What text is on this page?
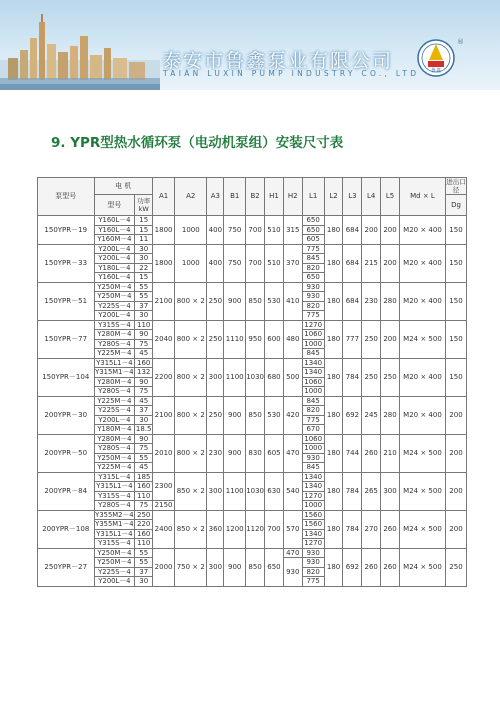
泰安市鲁鑫泵业有限公司
TAIAN LUXIN PUMP INDUSTRY CO., LTD 鲁鑫
®
9. YPR型热水循环泵（电动机泵组）安装尺寸表
泵型号	电 机		A1	A2	A3	B1	B2	H1	H2	L1	L2	L3	L4	L5	Md × L	进出口径
	型号	功率 kW														Dg
150YPR－19	Y160L－4	15	1800	1000	400	750	700	510	315	650	180	684	200	200	M20 × 400	150
	Y160L－4	15								650						
	Y160M－4	11								605						
150YPR－33	Y200L－4	30	1800	1000	400	750	700	510	370	775	180	684	215	200	M20 × 400	150
	Y200L－4	30								845						
	Y180L－4	22								820						
	Y160L－4	15								650						
150YPR－51	Y250M－4	55	2100	800 × 2	250	900	850	530	410	930	180	684	230	280	M20 × 400	150
	Y250M－4	55								930						
	Y225S－4	37								820						
	Y200L－4	30								775						
150YPR－77	Y315S－4	110	2040	800 × 2	250	1110	950	600	480	1270	180	777	250	200	M24 × 500	150
	Y280M－4	90								1060						
	Y280S－4	75								1000						
	Y225M－4	45								845						
150YPR－104	Y315L1－4	160	2200	800 × 2	300	1100	1030	680	500	1340	180	784	250	250	M20 × 400	150
	Y315M1－4	132								1340						
	Y280M－4	90								1060						
	Y280S－4	75								1000						
200YPR－30	Y225M－4	45	2100	800 × 2	250	900	850	530	420	845	180	692	245	280	M20 × 400	200
	Y225S－4	37								820						
	Y200L－4	30								775						
	Y180M－4	18.5								670						
200YPR－50	Y280M－4	90	2010	800 × 2	230	900	830	605	470	1060	180	744	260	210	M24 × 500	200
	Y280S－4	75								1000						
	Y250M－4	55								930						
	Y225M－4	45								845						
200YPR－84	Y315L－4	185	2300	850 × 2	300	1100	1030	630	540	1340	180	784	265	300	M24 × 500	200
	Y315L1－4	160								1340						
	Y315S－4	110								1270						
	Y280S－4	75	2150							1000						
200YPR－108	Y355M2－4	250	2400	850 × 2	360	1200	1120	700	570	1560	180	784	270	260	M24 × 500	200
	Y355M1－4	220								1560						
	Y315L1－4	160								1340						
	Y315S－4	110								1270						
250YPR－27	Y250M－4	55	2000	750 × 2	300	900	850	650	470	930	180	692	260	260	M24 × 500	250
	Y250M－4	55							930	930						
	Y225S－4	37								820						
	Y200L－4	30								775						
